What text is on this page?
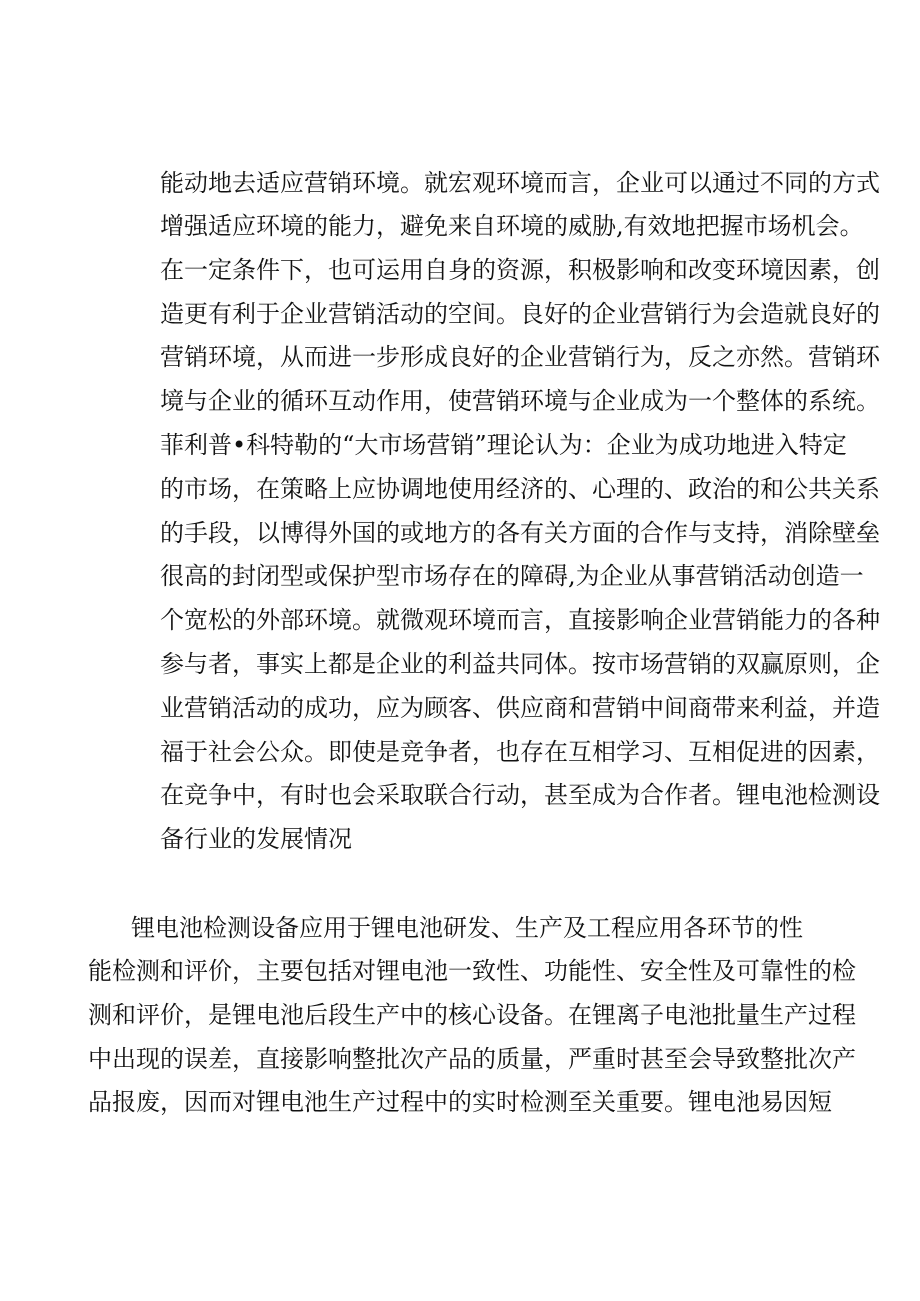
能动地去适应营销环境。就宏观环境而言，企业可以通过不同的方式
增强适应环境的能力，避免来自环境的威胁,有效地把握市场机会。
在一定条件下，也可运用自身的资源，积极影响和改变环境因素，创
造更有利于企业营销活动的空间。良好的企业营销行为会造就良好的
营销环境，从而进一步形成良好的企业营销行为，反之亦然。营销环
境与企业的循环互动作用，使营销环境与企业成为一个整体的系统。
菲利普•科特勒的“大市场营销”理论认为：企业为成功地进入特定
的市场，在策略上应协调地使用经济的、心理的、政治的和公共关系
的手段，以博得外国的或地方的各有关方面的合作与支持，消除壁垒
很高的封闭型或保护型市场存在的障碍,为企业从事营销活动创造一
个宽松的外部环境。就微观环境而言，直接影响企业营销能力的各种
参与者，事实上都是企业的利益共同体。按市场营销的双赢原则，企
业营销活动的成功，应为顾客、供应商和营销中间商带来利益，并造
福于社会公众。即使是竞争者，也存在互相学习、互相促进的因素，
在竞争中，有时也会采取联合行动，甚至成为合作者。锂电池检测设
备行业的发展情况
锂电池检测设备应用于锂电池研发、生产及工程应用各环节的性
能检测和评价，主要包括对锂电池一致性、功能性、安全性及可靠性的检
测和评价，是锂电池后段生产中的核心设备。在锂离子电池批量生产过程
中出现的误差，直接影响整批次产品的质量，严重时甚至会导致整批次产
品报废，因而对锂电池生产过程中的实时检测至关重要。锂电池易因短
